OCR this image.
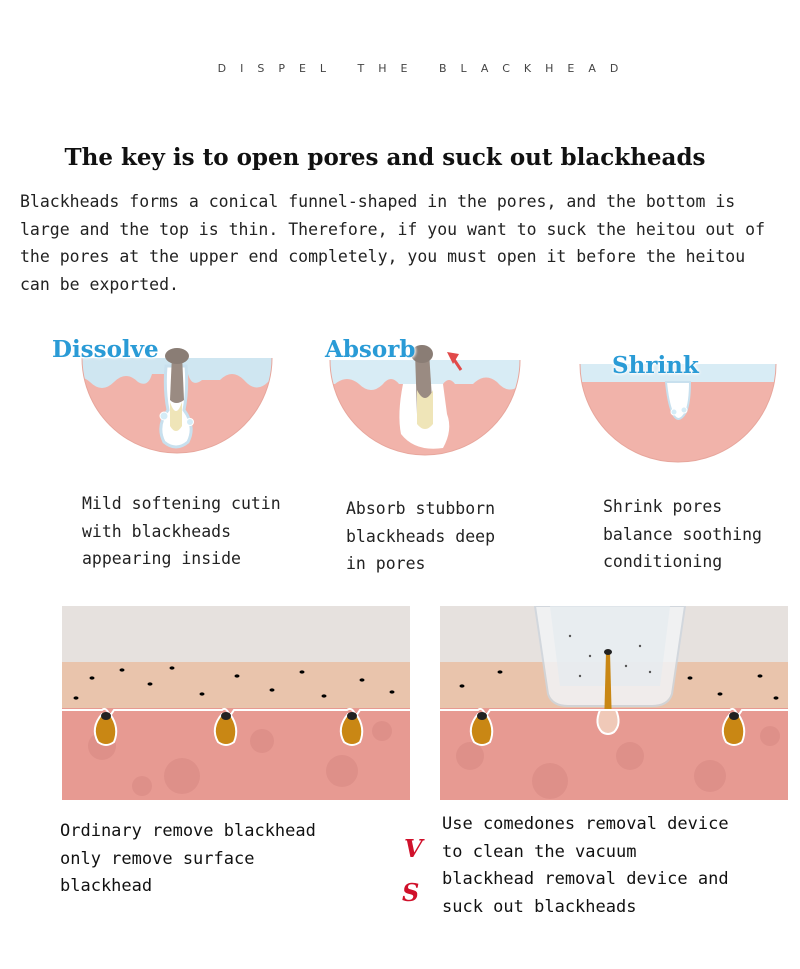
DISPEL THE BLACKHEAD
The key is to open pores and suck out blackheads
Blackheads forms a conical funnel-shaped in the pores, and the bottom is large and the top is thin. Therefore, if you want to suck the heitou out of the pores at the upper end completely, you must open it before the heitou can be exported.
Dissolve	Absorb
Shrink
Mild softening cutin
with blackheads
appearing inside
Absorb stubborn
blackheads deep
in pores
Shrink pores
balance soothing
conditioning
Ordinary remove blackhead
only remove surface
blackhead
V
S
Use comedones removal device
to clean the vacuum
blackhead removal device and
suck out blackheads
